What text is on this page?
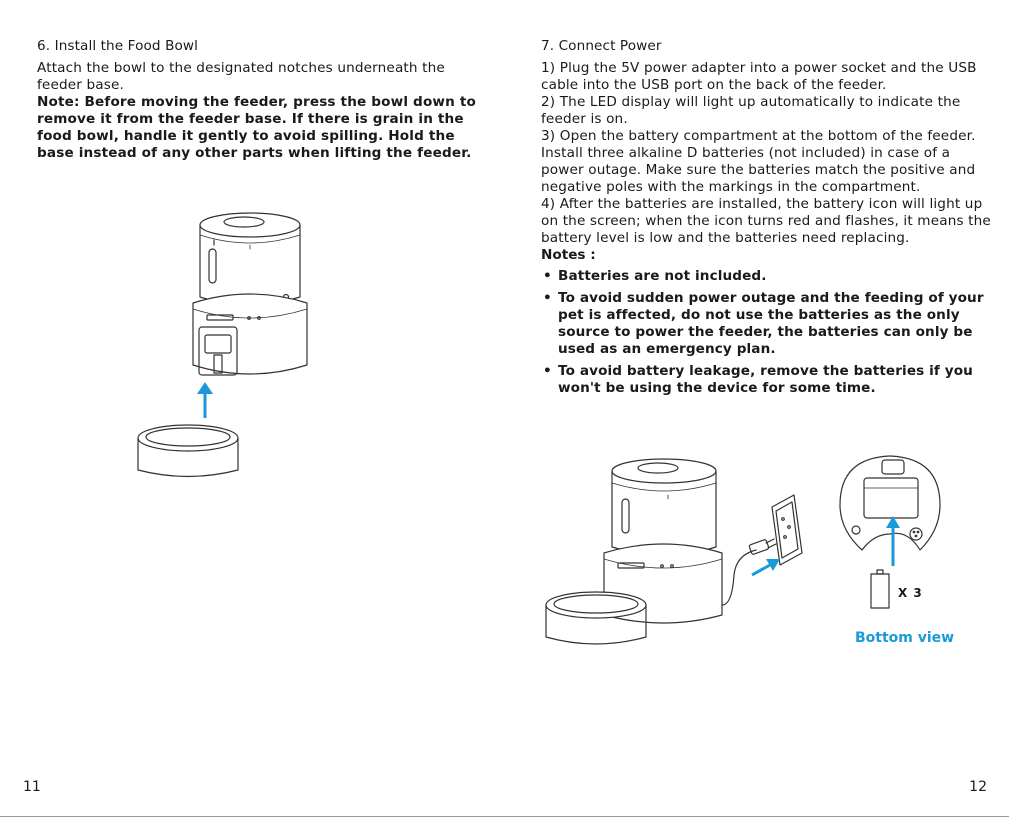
6. Install the Food Bowl

Attach the bowl to the designated notches underneath the feeder base.

Note: Before moving the feeder, press the bowl down to remove it from the feeder base. If there is grain in the food bowl, handle it gently to avoid spilling. Hold the base instead of any other parts when lifting the feeder.

11
7. Connect Power

1) Plug the 5V power adapter into a power socket and the USB cable into the USB port on the back of the feeder.

2) The LED display will light up automatically to indicate the feeder is on.

3) Open the battery compartment at the bottom of the feeder. Install three alkaline D batteries (not included) in case of a power outage. Make sure the batteries match the positive and negative poles with the markings in the compartment.

4) After the batteries are installed, the battery icon will light up on the screen; when the icon turns red and flashes, it means the battery level is low and the batteries need replacing.

Notes :
• Batteries are not included.
• To avoid sudden power outage and the feeding of your pet is affected, do not use the batteries as the only source to power the feeder, the batteries can only be used as an emergency plan.
• To avoid battery leakage, remove the batteries if you won't be using the device for some time.
X 3
Bottom view
12
